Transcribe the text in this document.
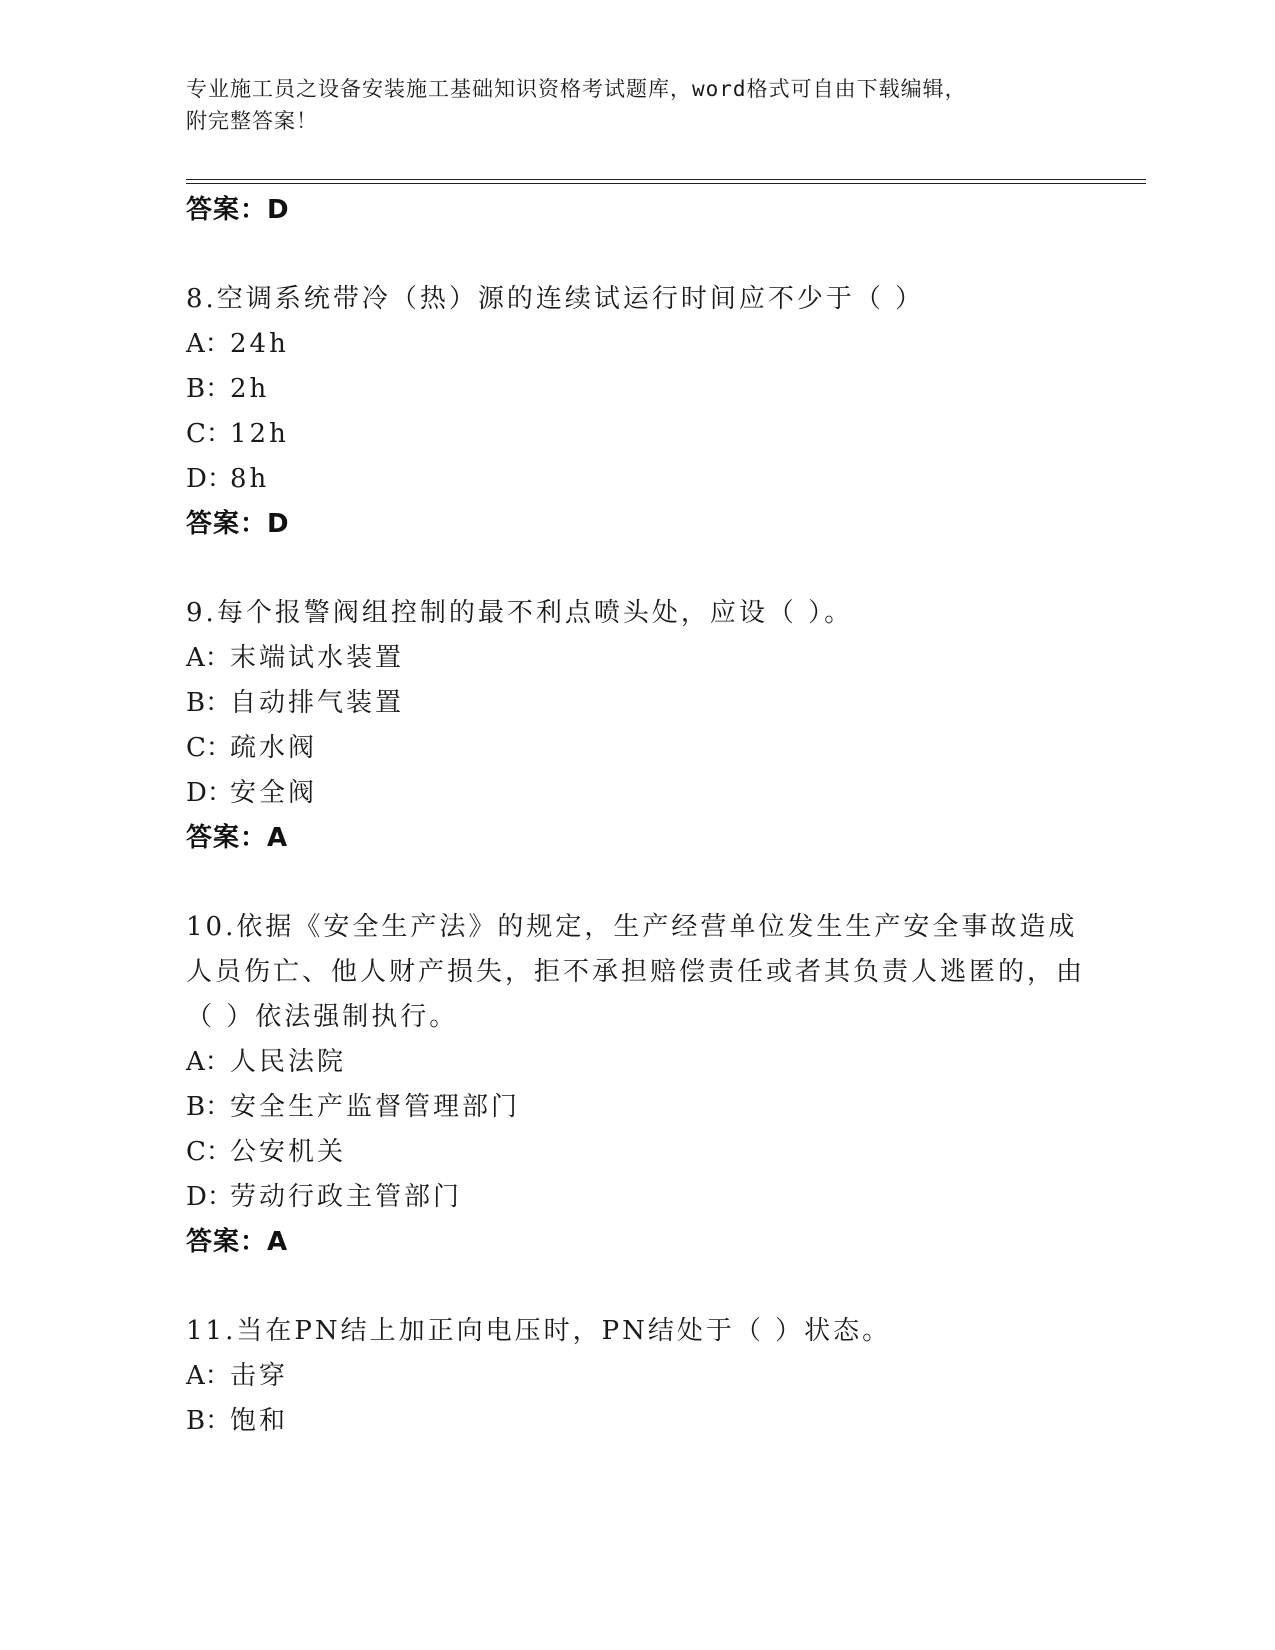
专业施工员之设备安装施工基础知识资格考试题库，word格式可自由下载编辑，
附完整答案！
答案：D
8.空调系统带冷（热）源的连续试运行时间应不少于（ ）
A：24h
B：2h
C：12h
D：8h
答案：D
9.每个报警阀组控制的最不利点喷头处，应设（ ）。
A：末端试水装置
B：自动排气装置
C：疏水阀
D：安全阀
答案：A
10.依据《安全生产法》的规定，生产经营单位发生生产安全事故造成人员伤亡、他人财产损失，拒不承担赔偿责任或者其负责人逃匿的，由（ ）依法强制执行。
A：人民法院
B：安全生产监督管理部门
C：公安机关
D：劳动行政主管部门
答案：A
11.当在PN结上加正向电压时，PN结处于（ ）状态。
A：击穿
B：饱和
